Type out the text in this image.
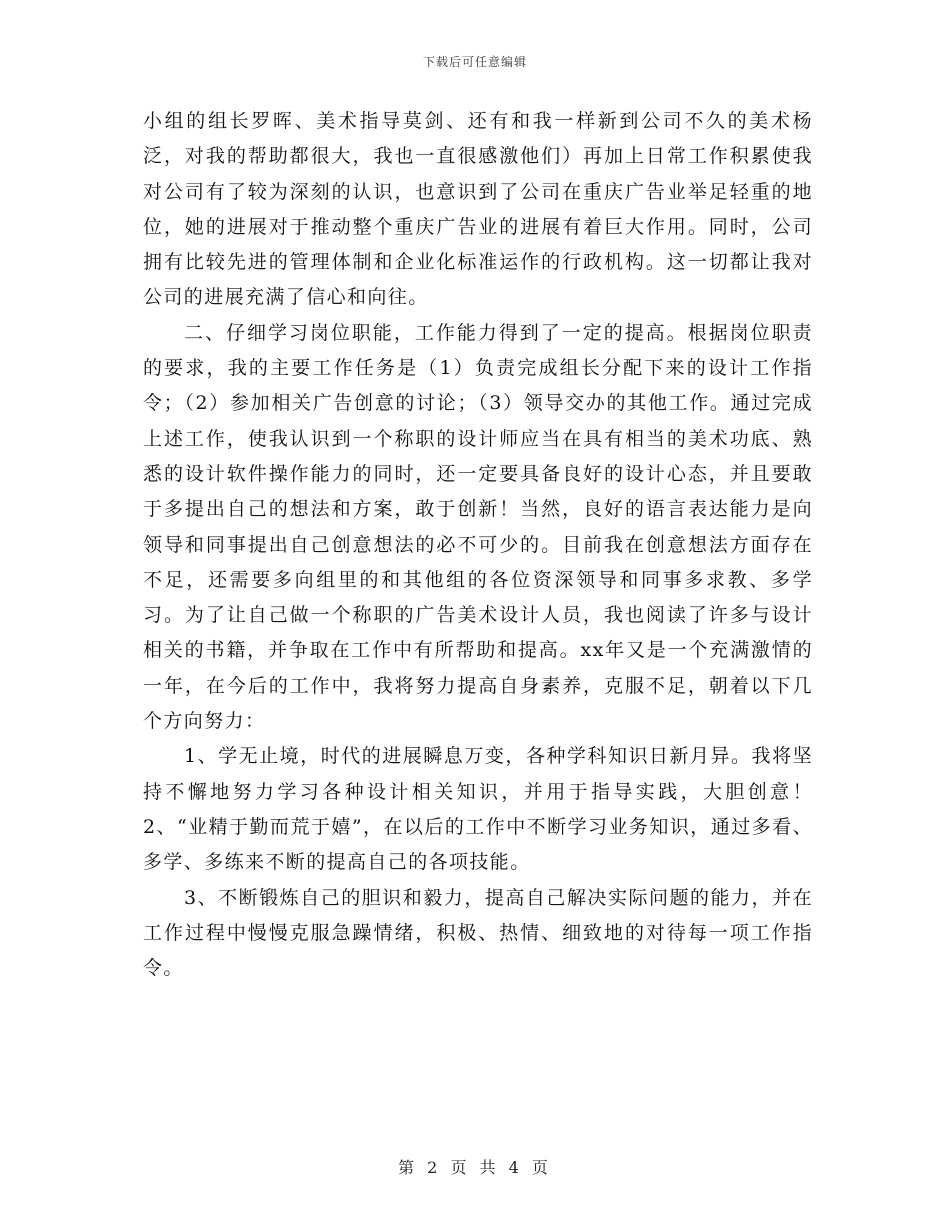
下载后可任意编辑

小组的组长罗晖、美术指导莫剑、还有和我一样新到公司不久的美术杨泛，对我的帮助都很大，我也一直很感激他们）再加上日常工作积累使我对公司有了较为深刻的认识，也意识到了公司在重庆广告业举足轻重的地位，她的进展对于推动整个重庆广告业的进展有着巨大作用。同时，公司拥有比较先进的管理体制和企业化标准运作的行政机构。这一切都让我对公司的进展充满了信心和向往。

二、仔细学习岗位职能，工作能力得到了一定的提高。根据岗位职责的要求，我的主要工作任务是（1）负责完成组长分配下来的设计工作指令；（2）参加相关广告创意的讨论；（3）领导交办的其他工作。通过完成上述工作，使我认识到一个称职的设计师应当在具有相当的美术功底、熟悉的设计软件操作能力的同时，还一定要具备良好的设计心态，并且要敢于多提出自己的想法和方案，敢于创新！当然，良好的语言表达能力是向领导和同事提出自己创意想法的必不可少的。目前我在创意想法方面存在不足，还需要多向组里的和其他组的各位资深领导和同事多求教、多学习。为了让自己做一个称职的广告美术设计人员，我也阅读了许多与设计相关的书籍，并争取在工作中有所帮助和提高。xx年又是一个充满激情的一年，在今后的工作中，我将努力提高自身素养，克服不足，朝着以下几个方向努力：

1、学无止境，时代的进展瞬息万变，各种学科知识日新月异。我将坚持不懈地努力学习各种设计相关知识，并用于指导实践，大胆创意！2、“业精于勤而荒于嬉”，在以后的工作中不断学习业务知识，通过多看、多学、多练来不断的提高自己的各项技能。

3、不断锻炼自己的胆识和毅力，提高自己解决实际问题的能力，并在工作过程中慢慢克服急躁情绪，积极、热情、细致地的对待每一项工作指令。

第 2 页 共 4 页
